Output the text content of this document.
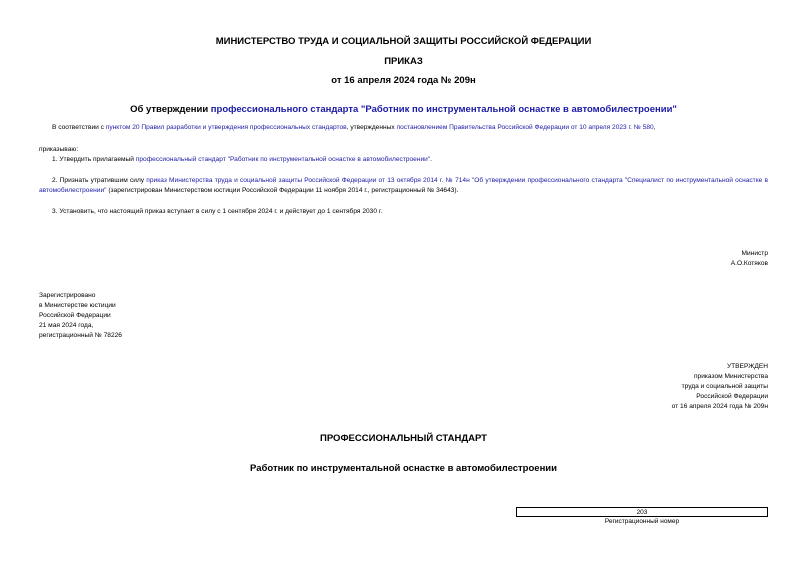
МИНИСТЕРСТВО ТРУДА И СОЦИАЛЬНОЙ ЗАЩИТЫ РОССИЙСКОЙ ФЕДЕРАЦИИ
ПРИКАЗ
от 16 апреля 2024 года № 209н
Об утверждении профессионального стандарта "Работник по инструментальной оснастке в автомобилестроении"
В соответствии с пунктом 20 Правил разработки и утверждения профессиональных стандартов, утвержденных постановлением Правительства Российской Федерации от 10 апреля 2023 г. № 580,
приказываю:
1. Утвердить прилагаемый профессиональный стандарт "Работник по инструментальной оснастке в автомобилестроении".
2. Признать утратившим силу приказ Министерства труда и социальной защиты Российской Федерации от 13 октября 2014 г. № 714н "Об утверждении профессионального стандарта "Специалист по инструментальной оснастке в автомобилестроении" (зарегистрирован Министерством юстиции Российской Федерации 11 ноября 2014 г., регистрационный № 34643).
3. Установить, что настоящий приказ вступает в силу с 1 сентября 2024 г. и действует до 1 сентября 2030 г.
Министр
А.О.Котяков
Зарегистрировано
в Министерстве юстиции
Российской Федерации
21 мая 2024 года,
регистрационный № 78226
УТВЕРЖДЕН
приказом Министерства
труда и социальной защиты
Российской Федерации
от 16 апреля 2024 года № 209н
ПРОФЕССИОНАЛЬНЫЙ СТАНДАРТ
Работник по инструментальной оснастке в автомобилестроении
203
Регистрационный номер
